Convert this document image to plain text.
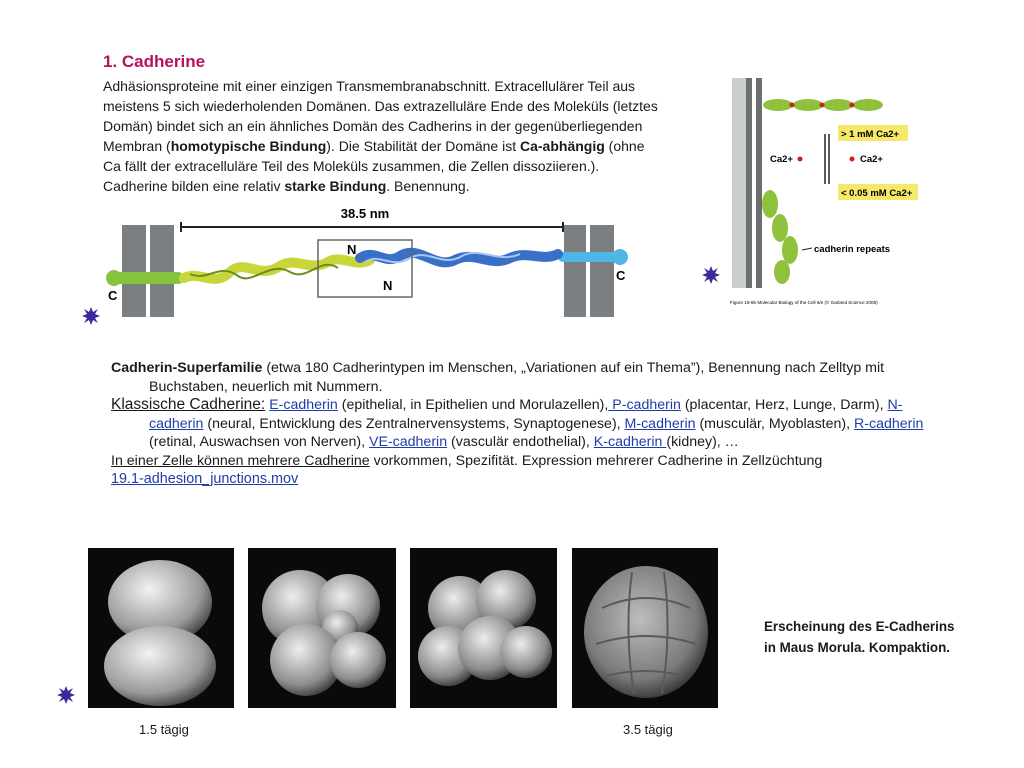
1. Cadherine
Adhäsionsproteine mit einer einzigen Transmembranabschnitt. Extracellulärer Teil aus meistens 5 sich wiederholenden Domänen. Das extrazelluläre Ende des Moleküls (letztes Domän) bindet sich an ein ähnliches Domän des Cadherins in der gegenüberliegenden Membran (homotypische Bindung). Die Stabilität der Domäne ist Ca-abhängig (ohne Ca fällt der extracelluläre Teil des Moleküls zusammen, die Zellen dissoziieren.). Cadherine bilden eine relativ starke Bindung. Benennung.
38.5 nm
N
N
C
C
> 1 mM Ca2+
Ca2+	Ca2+
< 0.05 mM Ca2+
cadherin repeats
Figure 19-9b Molecular Biology of the Cell 5/e (© Garland Science 2008)

Cadherin-Superfamilie (etwa 180 Cadherintypen im Menschen, „Variationen auf ein Thema”), Benennung nach Zelltyp mit Buchstaben, neuerlich mit Nummern.

Klassische Cadherine: E-cadherin (epithelial, in Epithelien und Morulazellen), P-cadherin (placentar, Herz, Lunge, Darm), N-cadherin (neural, Entwicklung des Zentralnervensystems, Synaptogenese), M-cadherin (musculär, Myoblasten), R-cadherin (retinal, Auswachsen von Nerven), VE-cadherin (vasculär endothelial), K-cadherin (kidney), …

In einer Zelle können mehrere Cadherine vorkommen, Spezifität. Expression mehrerer Cadherine in Zellzüchtung

19.1-adhesion_junctions.mov

1.5 tägig	3.5 tägig
Erscheinung des E-Cadherins
in Maus Morula. Kompaktion.
